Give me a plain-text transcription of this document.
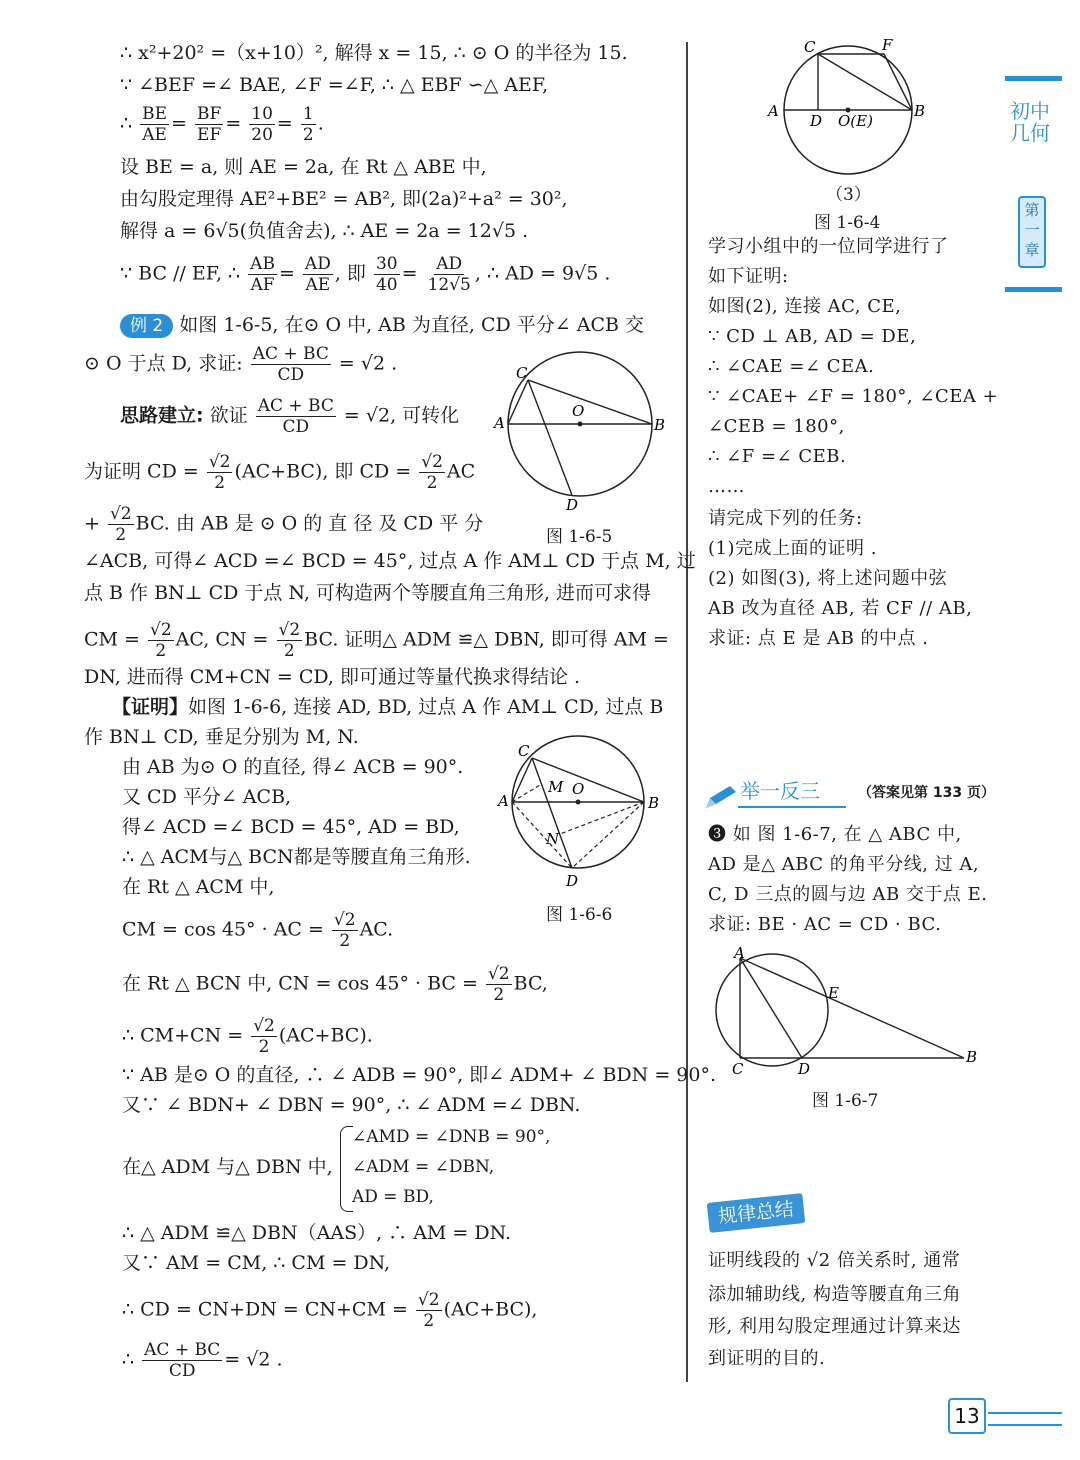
∴ x²+20² =（x+10）², 解得 x = 15, ∴ ⊙ O 的半径为 15.
∵ ∠BEF =∠ BAE, ∠F =∠F, ∴ △ EBF ∽△ AEF,
∴ $\frac{BE}{AE} = \frac{BF}{EF} = \frac{10}{20} = \frac{1}{2}$ .
设 BE = a, 则 AE = 2a, 在 Rt △ ABE 中,
由勾股定理得 AE²+BE² = AB², 即(2a)²+a² = 30²,
解得 a = 6√5(负值舍去), ∴ AE = 2a = 12√5 .
∵ BC // EF, ∴ $\frac{AB}{AF} = \frac{AD}{AE}$ , 即 $\frac{30}{40} = \frac{AD}{12√5}$ , ∴ AD = 9√5 .
例 2 如图 1-6-5, 在⊙ O 中, AB 为直径, CD 平分∠ ACB 交
⊙ O 于点 D, 求证: $\frac{AC + BC}{CD} = √2$ .
思路建立: 欲证 $\frac{AC + BC}{CD} = √2$, 可转化
为证明 CD = $\frac{√2}{2} (AC+BC)$, 即 CD = $\frac{√2}{2}$ AC
+ $\frac{√2}{2}$ BC. 由 AB 是 ⊙ O 的 直 径 及 CD 平 分
∠ACB, 可得∠ ACD =∠ BCD = 45°, 过点 A 作 AM⊥ CD 于点 M, 过
点 B 作 BN⊥ CD 于点 N, 可构造两个等腰直角三角形, 进而可求得
CM = $\frac{√2}{2}$ AC, CN = $\frac{√2}{2}$ BC. 证明△ ADM ≌△ DBN, 即可得 AM =
DN, 进而得 CM+CN = CD, 即可通过等量代换求得结论 .
【证明】如图 1-6-6, 连接 AD, BD, 过点 A 作 AM⊥ CD, 过点 B
作 BN⊥ CD, 垂足分别为 M, N.
由 AB 为⊙ O 的直径, 得∠ ACB = 90°.
又 CD 平分∠ ACB,
得∠ ACD =∠ BCD = 45°, AD = BD,
∴ △ ACM与△ BCN都是等腰直角三角形.
在 Rt △ ACM 中,
CM = cos 45° · AC = $\frac{√2}{2}$ AC.
在 Rt △ BCN 中, CN = cos 45° · BC = $\frac{√2}{2}$ BC,
∴ $CM+CN = \frac{√2}{2} (AC+BC)$.
∵ AB 是⊙ O 的直径, ∴ ∠ ADB = 90°, 即∠ ADM+ ∠ BDN = 90°.
又∵ ∠ BDN+ ∠ DBN = 90°, ∴ ∠ ADM =∠ DBN.
在△ ADM 与△ DBN 中,
∠AMD = ∠DNB = 90°,
∠ADM = ∠DBN,
AD = BD,
∴ △ ADM ≌△ DBN（AAS）, ∴ AM = DN.
又∵ AM = CM, ∴ CM = DN,
∴ CD = $CN+DN = CN+CM = \frac{√2}{2} (AC+BC)$,
∴ $\frac{AC + BC}{CD} = √2$ .
C
A
O
B
D
图 1-6-5
C
A
M O
B
N
D
图 1-6-6
C	F
A
D O(E)
B
（3）
图 1-6-4
学习小组中的一位同学进行了
如下证明:
如图(2), 连接 AC, CE,
∵ CD ⊥ AB, AD = DE,
∴ ∠CAE =∠ CEA.
∵ ∠CAE+ ∠F = 180°, ∠CEA +
∠CEB = 180°,
∴ ∠F =∠ CEB.
……
请完成下列的任务:
(1)完成上面的证明 .
(2) 如图(3), 将上述问题中弦
AB 改为直径 AB, 若 CF // AB,
求证: 点 E 是 AB 的中点 .
举一反三	（答案见第 133 页）
❸ 如 图 1-6-7, 在 △ ABC 中,
AD 是△ ABC 的角平分线, 过 A,
C, D 三点的圆与边 AB 交于点 E.
求证: BE · AC = CD · BC.
A
E
B
C	D
图 1-6-7
规律总结
证明线段的 √2 倍关系时, 通常
添加辅助线, 构造等腰直角三角
形, 利用勾股定理通过计算来达
到证明的目的.
初中几何
第一章
13
